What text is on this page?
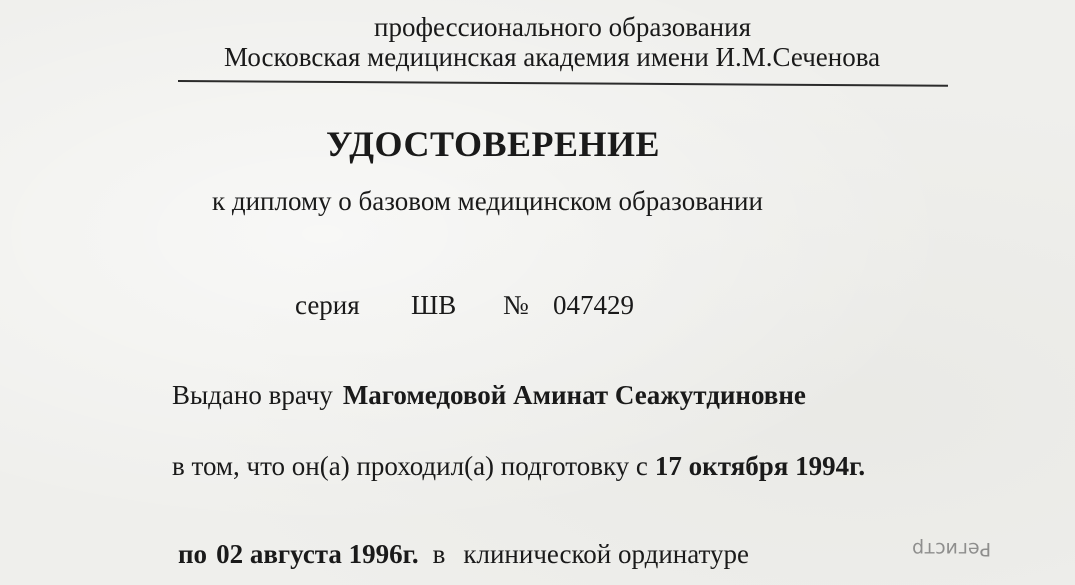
профессионального образования
Московская медицинская академия имени И.М.Сеченова
УДОСТОВЕРЕНИЕ
к диплому о базовом медицинском образовании
серия ШВ № 047429
Выдано врачу Магомедовой Аминат Сеажутдиновне
в том, что он(а) проходил(а) подготовку с 17 октября 1994г.
по 02 августа 1996г. в клинической ординатуре	Регистр
